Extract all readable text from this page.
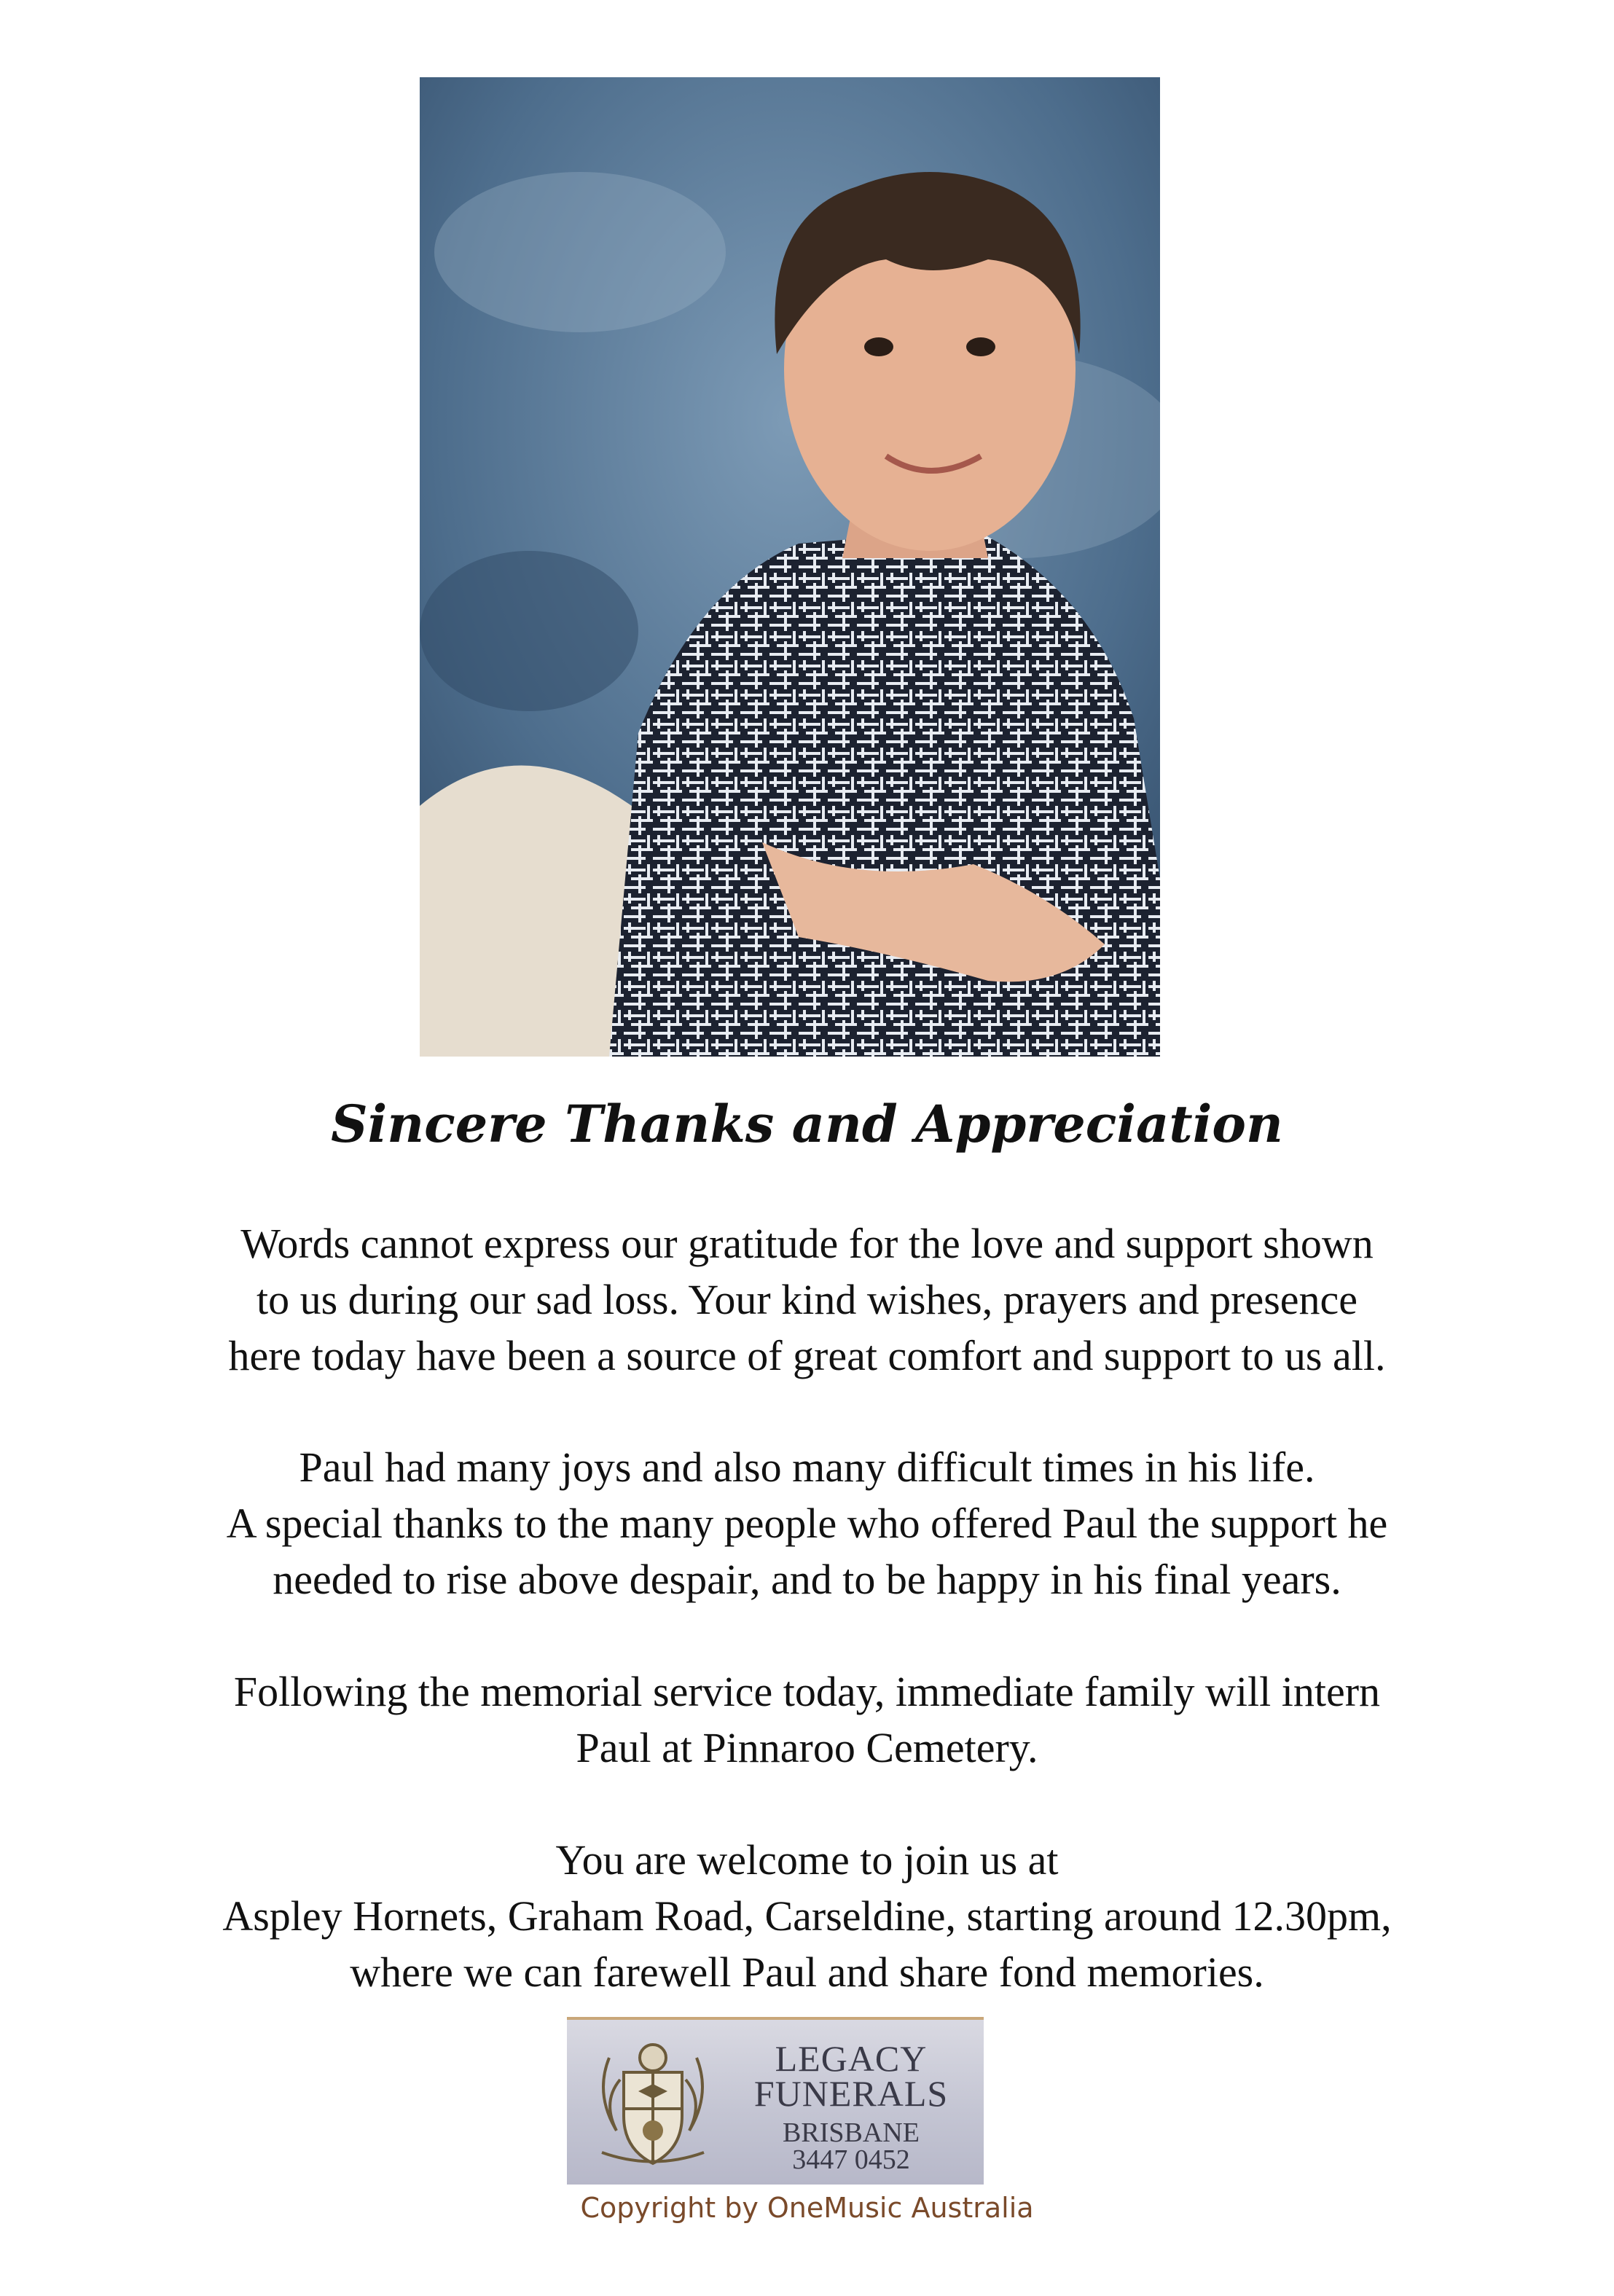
Sincere Thanks and Appreciation

Words cannot express our gratitude for the love and support shown
to us during our sad loss. Your kind wishes, prayers and presence
here today have been a source of great comfort and support to us all.

Paul had many joys and also many difficult times in his life.
A special thanks to the many people who offered Paul the support he
needed to rise above despair, and to be happy in his final years.

Following the memorial service today, immediate family will intern
Paul at Pinnaroo Cemetery.

You are welcome to join us at
Aspley Hornets, Graham Road, Carseldine, starting around 12.30pm,
where we can farewell Paul and share fond memories.

LEGACY
FUNERALS
BRISBANE
3447 0452
Copyright by OneMusic Australia
